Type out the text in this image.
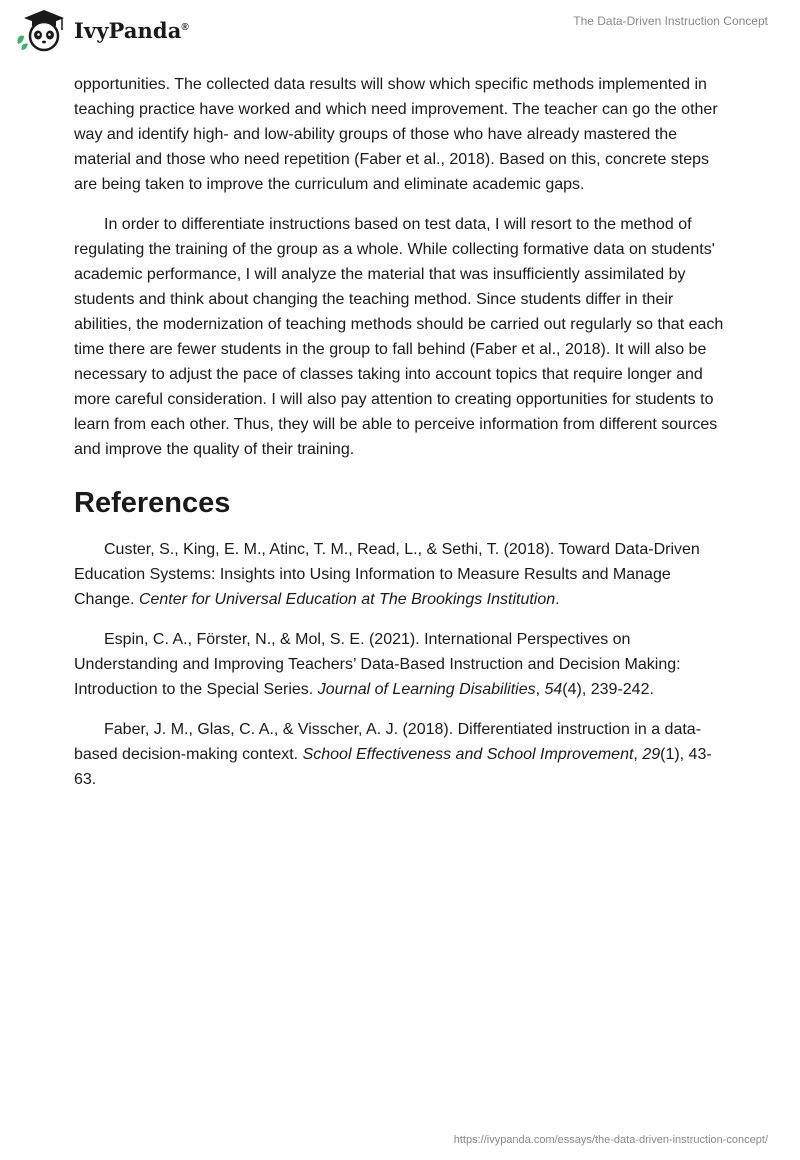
IvyPanda®	The Data-Driven Instruction Concept

opportunities. The collected data results will show which specific methods implemented in teaching practice have worked and which need improvement. The teacher can go the other way and identify high- and low-ability groups of those who have already mastered the material and those who need repetition (Faber et al., 2018). Based on this, concrete steps are being taken to improve the curriculum and eliminate academic gaps.

In order to differentiate instructions based on test data, I will resort to the method of regulating the training of the group as a whole. While collecting formative data on students' academic performance, I will analyze the material that was insufficiently assimilated by students and think about changing the teaching method. Since students differ in their abilities, the modernization of teaching methods should be carried out regularly so that each time there are fewer students in the group to fall behind (Faber et al., 2018). It will also be necessary to adjust the pace of classes taking into account topics that require longer and more careful consideration. I will also pay attention to creating opportunities for students to learn from each other. Thus, they will be able to perceive information from different sources and improve the quality of their training.

References

Custer, S., King, E. M., Atinc, T. M., Read, L., & Sethi, T. (2018). Toward Data-Driven Education Systems: Insights into Using Information to Measure Results and Manage Change. Center for Universal Education at The Brookings Institution.

Espin, C. A., Förster, N., & Mol, S. E. (2021). International Perspectives on Understanding and Improving Teachers’ Data-Based Instruction and Decision Making: Introduction to the Special Series. Journal of Learning Disabilities, 54(4), 239-242.

Faber, J. M., Glas, C. A., & Visscher, A. J. (2018). Differentiated instruction in a data-based decision-making context. School Effectiveness and School Improvement, 29(1), 43-63.

https://ivypanda.com/essays/the-data-driven-instruction-concept/
